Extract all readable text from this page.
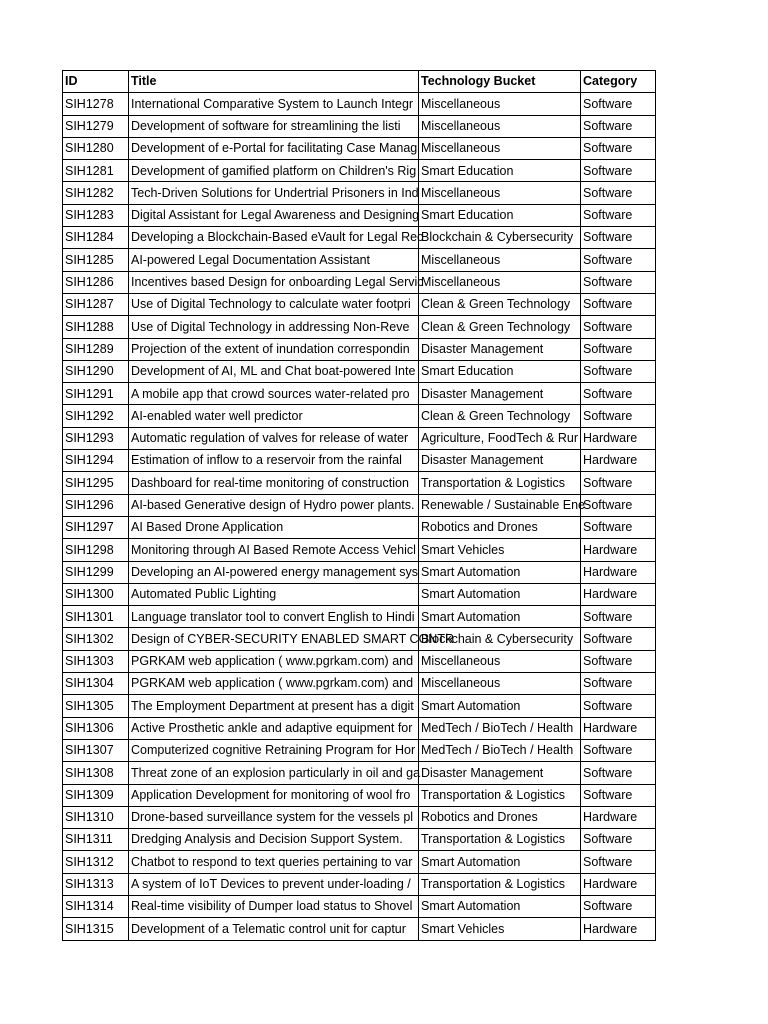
ID	Title	Technology Bucket	Category
SIH1278	International Comparative System to Launch Integr	Miscellaneous	Software
SIH1279	Development of software for streamlining the listi	Miscellaneous	Software
SIH1280	Development of e-Portal for facilitating Case Manag	Miscellaneous	Software
SIH1281	Development of gamified platform on Children's Rig	Smart Education	Software
SIH1282	Tech-Driven Solutions for Undertrial Prisoners in Ind	Miscellaneous	Software
SIH1283	Digital Assistant for Legal Awareness and Designing	Smart Education	Software
SIH1284	Developing a Blockchain-Based eVault for Legal Rec	Blockchain & Cybersecurity	Software
SIH1285	AI-powered Legal Documentation Assistant	Miscellaneous	Software
SIH1286	Incentives based Design for onboarding Legal Servic	Miscellaneous	Software
SIH1287	Use of Digital Technology to calculate water footpri	Clean & Green Technology	Software
SIH1288	Use of Digital Technology in addressing Non-Reve	Clean & Green Technology	Software
SIH1289	Projection of the extent of inundation correspondin	Disaster Management	Software
SIH1290	Development of AI, ML and Chat boat-powered Inte	Smart Education	Software
SIH1291	A mobile app that crowd sources water-related pro	Disaster Management	Software
SIH1292	AI-enabled water well predictor	Clean & Green Technology	Software
SIH1293	Automatic regulation of valves for release of water	Agriculture, FoodTech & Rur	Hardware
SIH1294	Estimation of inflow to a reservoir from the rainfal	Disaster Management	Hardware
SIH1295	Dashboard for real-time monitoring of construction	Transportation & Logistics	Software
SIH1296	AI-based Generative design of Hydro power plants.	Renewable / Sustainable Ene	Software
SIH1297	AI Based Drone Application	Robotics and Drones	Software
SIH1298	Monitoring through AI Based Remote Access Vehicl	Smart Vehicles	Hardware
SIH1299	Developing an AI-powered energy management sys	Smart Automation	Hardware
SIH1300	Automated Public Lighting	Smart Automation	Hardware
SIH1301	Language translator tool to convert English to Hindi	Smart Automation	Software
SIH1302	Design of CYBER-SECURITY ENABLED SMART CONTR	Blockchain & Cybersecurity	Software
SIH1303	PGRKAM web application ( www.pgrkam.com) and	Miscellaneous	Software
SIH1304	PGRKAM web application ( www.pgrkam.com) and	Miscellaneous	Software
SIH1305	The Employment Department at present has a digit	Smart Automation	Software
SIH1306	Active Prosthetic ankle and adaptive equipment for	MedTech / BioTech / Health	Hardware
SIH1307	Computerized cognitive Retraining Program for Hor	MedTech / BioTech / Health	Software
SIH1308	Threat zone of an explosion particularly in oil and ga	Disaster Management	Software
SIH1309	Application Development for monitoring of wool fro	Transportation & Logistics	Software
SIH1310	Drone-based surveillance system for the vessels pl	Robotics and Drones	Hardware
SIH1311	Dredging Analysis and Decision Support System.	Transportation & Logistics	Software
SIH1312	Chatbot to respond to text queries pertaining to var	Smart Automation	Software
SIH1313	A system of IoT Devices to prevent under-loading /	Transportation & Logistics	Hardware
SIH1314	Real-time visibility of Dumper load status to Shovel	Smart Automation	Software
SIH1315	Development of a Telematic control unit for captur	Smart Vehicles	Hardware
